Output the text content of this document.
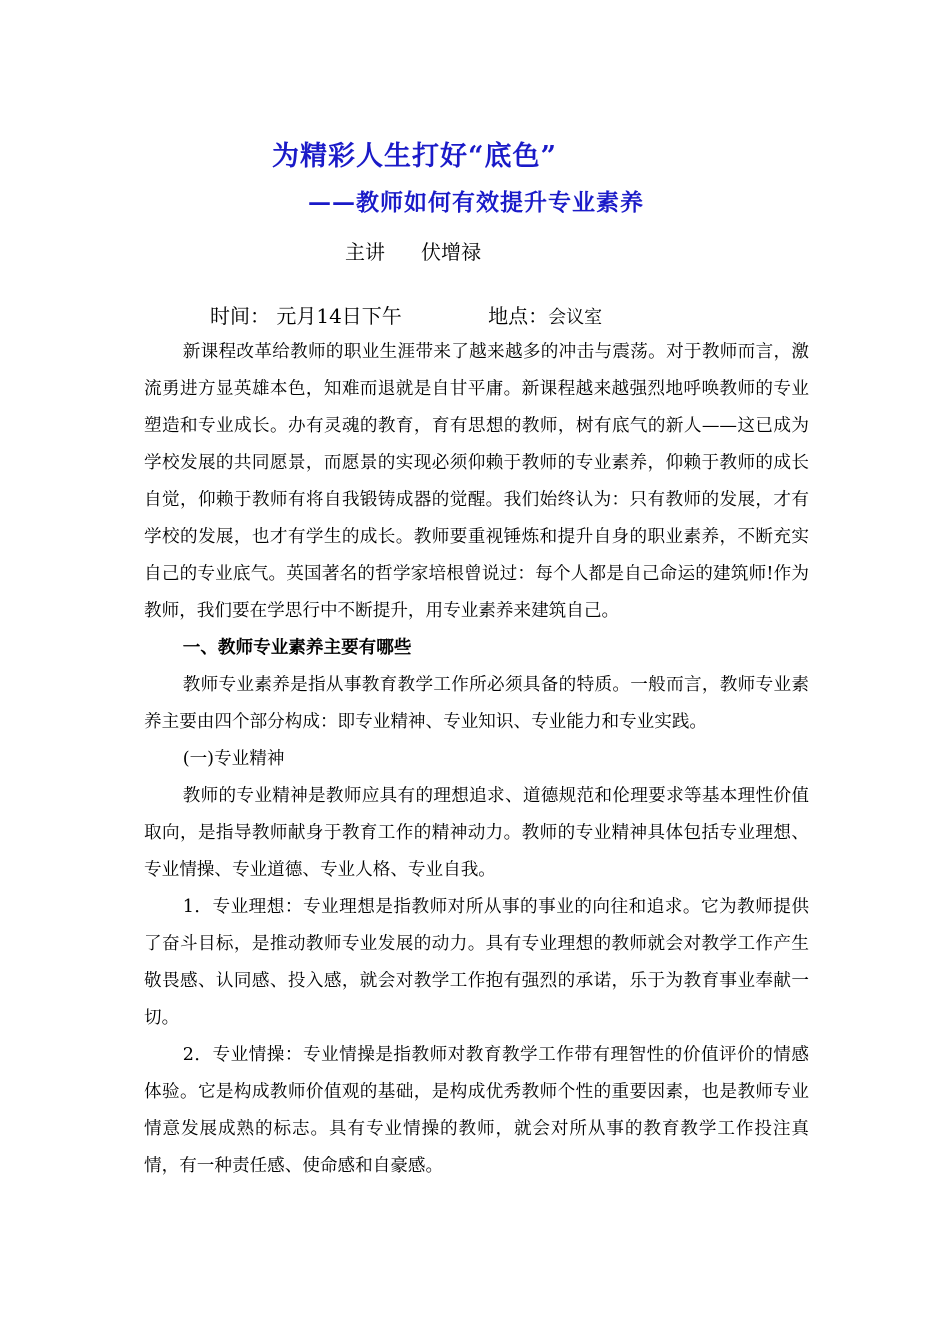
为精彩人生打好“底色”
——教师如何有效提升专业素养
主讲 伏增禄
时间： 元月14日下午	地点：会议室

新课程改革给教师的职业生涯带来了越来越多的冲击与震荡。对于教师而言，激流勇进方显英雄本色，知难而退就是自甘平庸。新课程越来越强烈地呼唤教师的专业塑造和专业成长。办有灵魂的教育，育有思想的教师，树有底气的新人——这已成为学校发展的共同愿景，而愿景的实现必须仰赖于教师的专业素养，仰赖于教师的成长自觉，仰赖于教师有将自我锻铸成器的觉醒。我们始终认为：只有教师的发展，才有学校的发展，也才有学生的成长。教师要重视锤炼和提升自身的职业素养，不断充实自己的专业底气。英国著名的哲学家培根曾说过：每个人都是自己命运的建筑师!作为教师，我们要在学思行中不断提升，用专业素养来建筑自己。

一、教师专业素养主要有哪些

教师专业素养是指从事教育教学工作所必须具备的特质。一般而言，教师专业素养主要由四个部分构成：即专业精神、专业知识、专业能力和专业实践。

(一)专业精神

教师的专业精神是教师应具有的理想追求、道德规范和伦理要求等基本理性价值取向，是指导教师献身于教育工作的精神动力。教师的专业精神具体包括专业理想、专业情操、专业道德、专业人格、专业自我。

1．专业理想：专业理想是指教师对所从事的事业的向往和追求。它为教师提供了奋斗目标，是推动教师专业发展的动力。具有专业理想的教师就会对教学工作产生敬畏感、认同感、投入感，就会对教学工作抱有强烈的承诺，乐于为教育事业奉献一切。

2．专业情操：专业情操是指教师对教育教学工作带有理智性的价值评价的情感体验。它是构成教师价值观的基础，是构成优秀教师个性的重要因素，也是教师专业情意发展成熟的标志。具有专业情操的教师，就会对所从事的教育教学工作投注真情，有一种责任感、使命感和自豪感。
